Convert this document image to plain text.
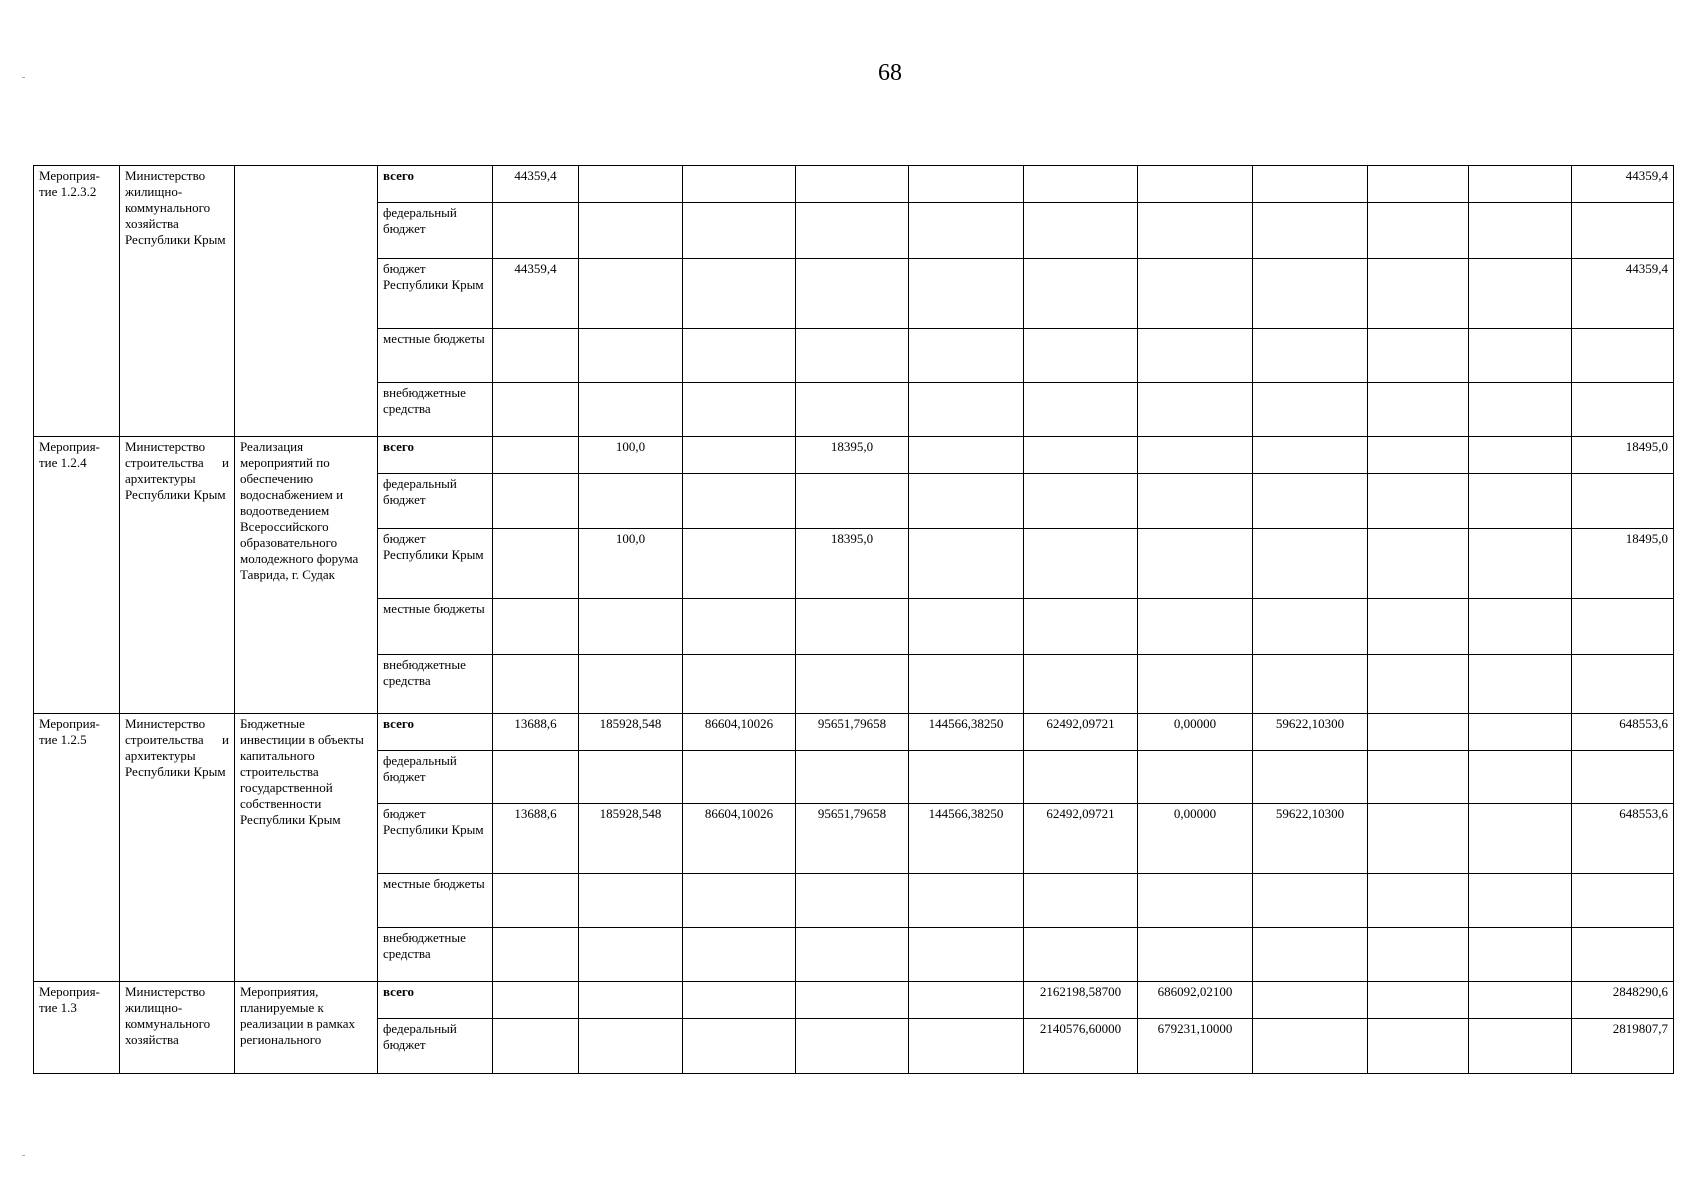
68
Мероприя-тие 1.2.3.2	Министерство жилищно-коммунального хозяйства Республики Крым		всего	44359,4										44359,4
			федеральный бюджет											
			бюджет Республики Крым	44359,4										44359,4
			местные бюджеты											
			внебюджетные средства											
Мероприя-тие 1.2.4	Министерство строительства и архитектуры Республики Крым	Реализация мероприятий по обеспечению водоснабжением и водоотведением Всероссийского образовательного молодежного форума Таврида, г. Судак	всего		100,0		18395,0							18495,0
			федеральный бюджет											
			бюджет Республики Крым		100,0		18395,0							18495,0
			местные бюджеты											
			внебюджетные средства											
Мероприя-тие 1.2.5	Министерство строительства и архитектуры Республики Крым	Бюджетные инвестиции в объекты капитального строительства государственной собственности Республики Крым	всего	13688,6	185928,548	86604,10026	95651,79658	144566,38250	62492,09721	0,00000	59622,10300			648553,6
			федеральный бюджет											
			бюджет Республики Крым	13688,6	185928,548	86604,10026	95651,79658	144566,38250	62492,09721	0,00000	59622,10300			648553,6
			местные бюджеты											
			внебюджетные средства											
Мероприя-тие 1.3	Министерство жилищно-коммунального хозяйства	Мероприятия, планируемые к реализации в рамках регионального	всего						2162198,58700	686092,02100				2848290,6
			федеральный бюджет						2140576,60000	679231,10000				2819807,7
-
-
